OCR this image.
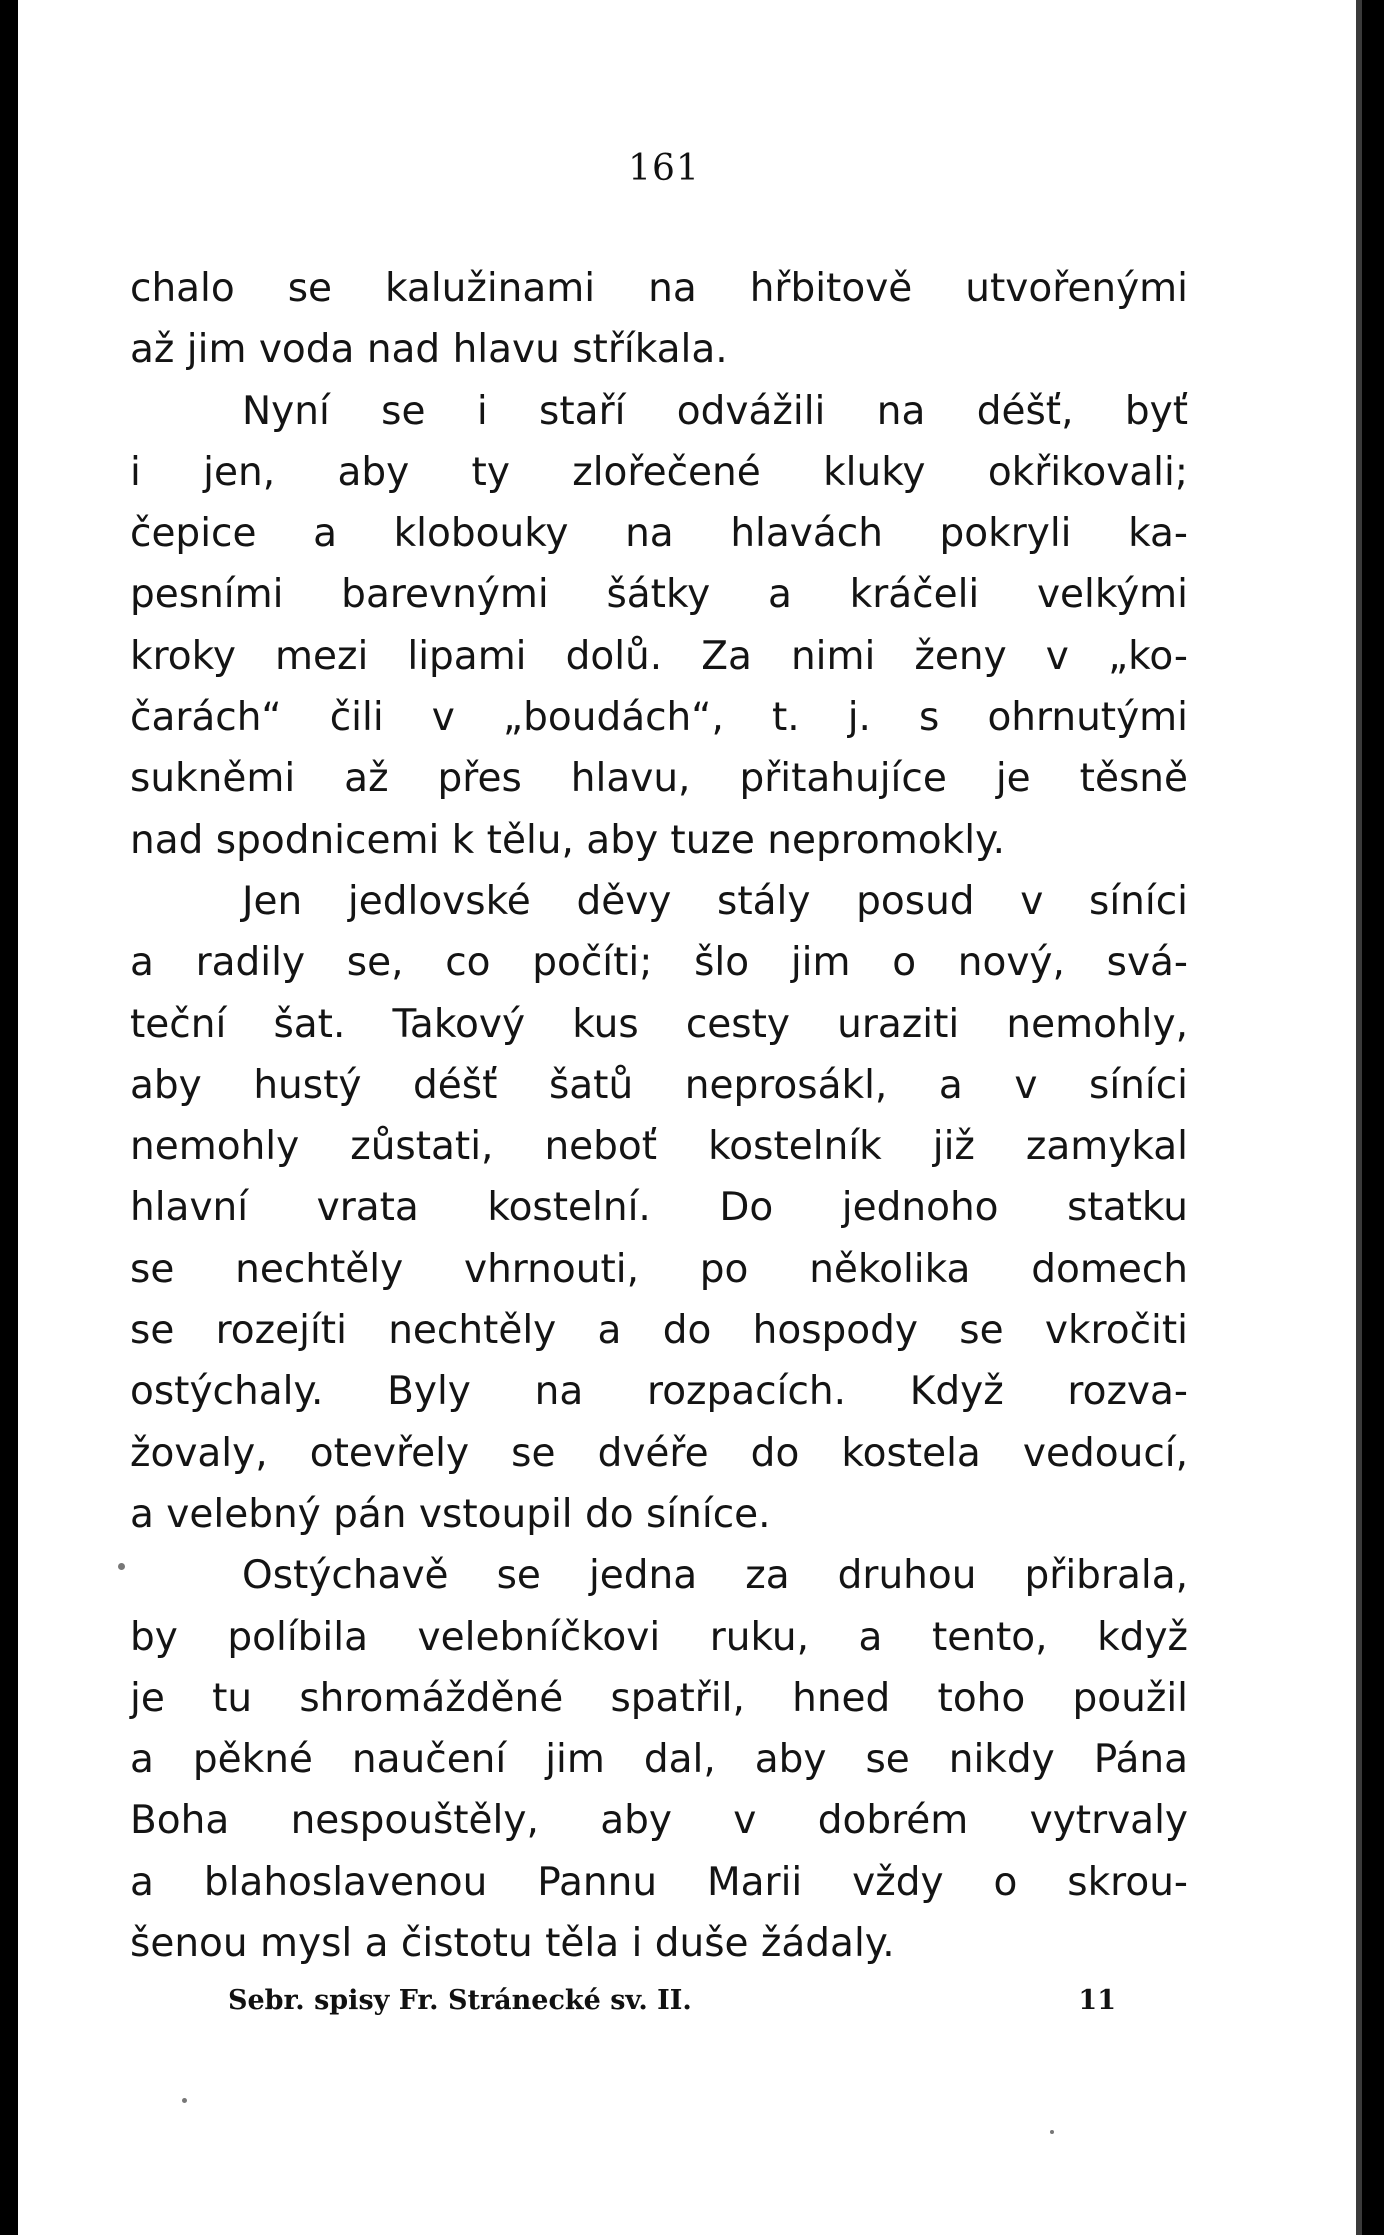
161
chalo se kalužinami na hřbitově utvořenými
až jim voda nad hlavu stříkala.
Nyní se i staří odvážili na déšť, byť
i jen, aby ty zlořečené kluky okřikovali;
čepice a klobouky na hlavách pokryli ka-
pesními barevnými šátky a kráčeli velkými
kroky mezi lipami dolů. Za nimi ženy v „ko-
čarách“ čili v „boudách“, t. j. s ohrnutými
sukněmi až přes hlavu, přitahujíce je těsně
nad spodnicemi k tělu, aby tuze nepromokly.
Jen jedlovské děvy stály posud v síníci
a radily se, co počíti; šlo jim o nový, svá-
teční šat. Takový kus cesty uraziti nemohly,
aby hustý déšť šatů neprosákl, a v síníci
nemohly zůstati, neboť kostelník již zamykal
hlavní vrata kostelní. Do jednoho statku
se nechtěly vhrnouti, po několika domech
se rozejíti nechtěly a do hospody se vkročiti
ostýchaly. Byly na rozpacích. Když rozva-
žovaly, otevřely se dvéře do kostela vedoucí,
a velebný pán vstoupil do síníce.
Ostýchavě se jedna za druhou přibrala,
by políbila velebníčkovi ruku, a tento, když
je tu shromážděné spatřil, hned toho použil
a pěkné naučení jim dal, aby se nikdy Pána
Boha nespouštěly, aby v dobrém vytrvaly
a blahoslavenou Pannu Marii vždy o skrou-
šenou mysl a čistotu těla i duše žádaly.
Sebr. spisy Fr. Stránecké sv. II.	11
